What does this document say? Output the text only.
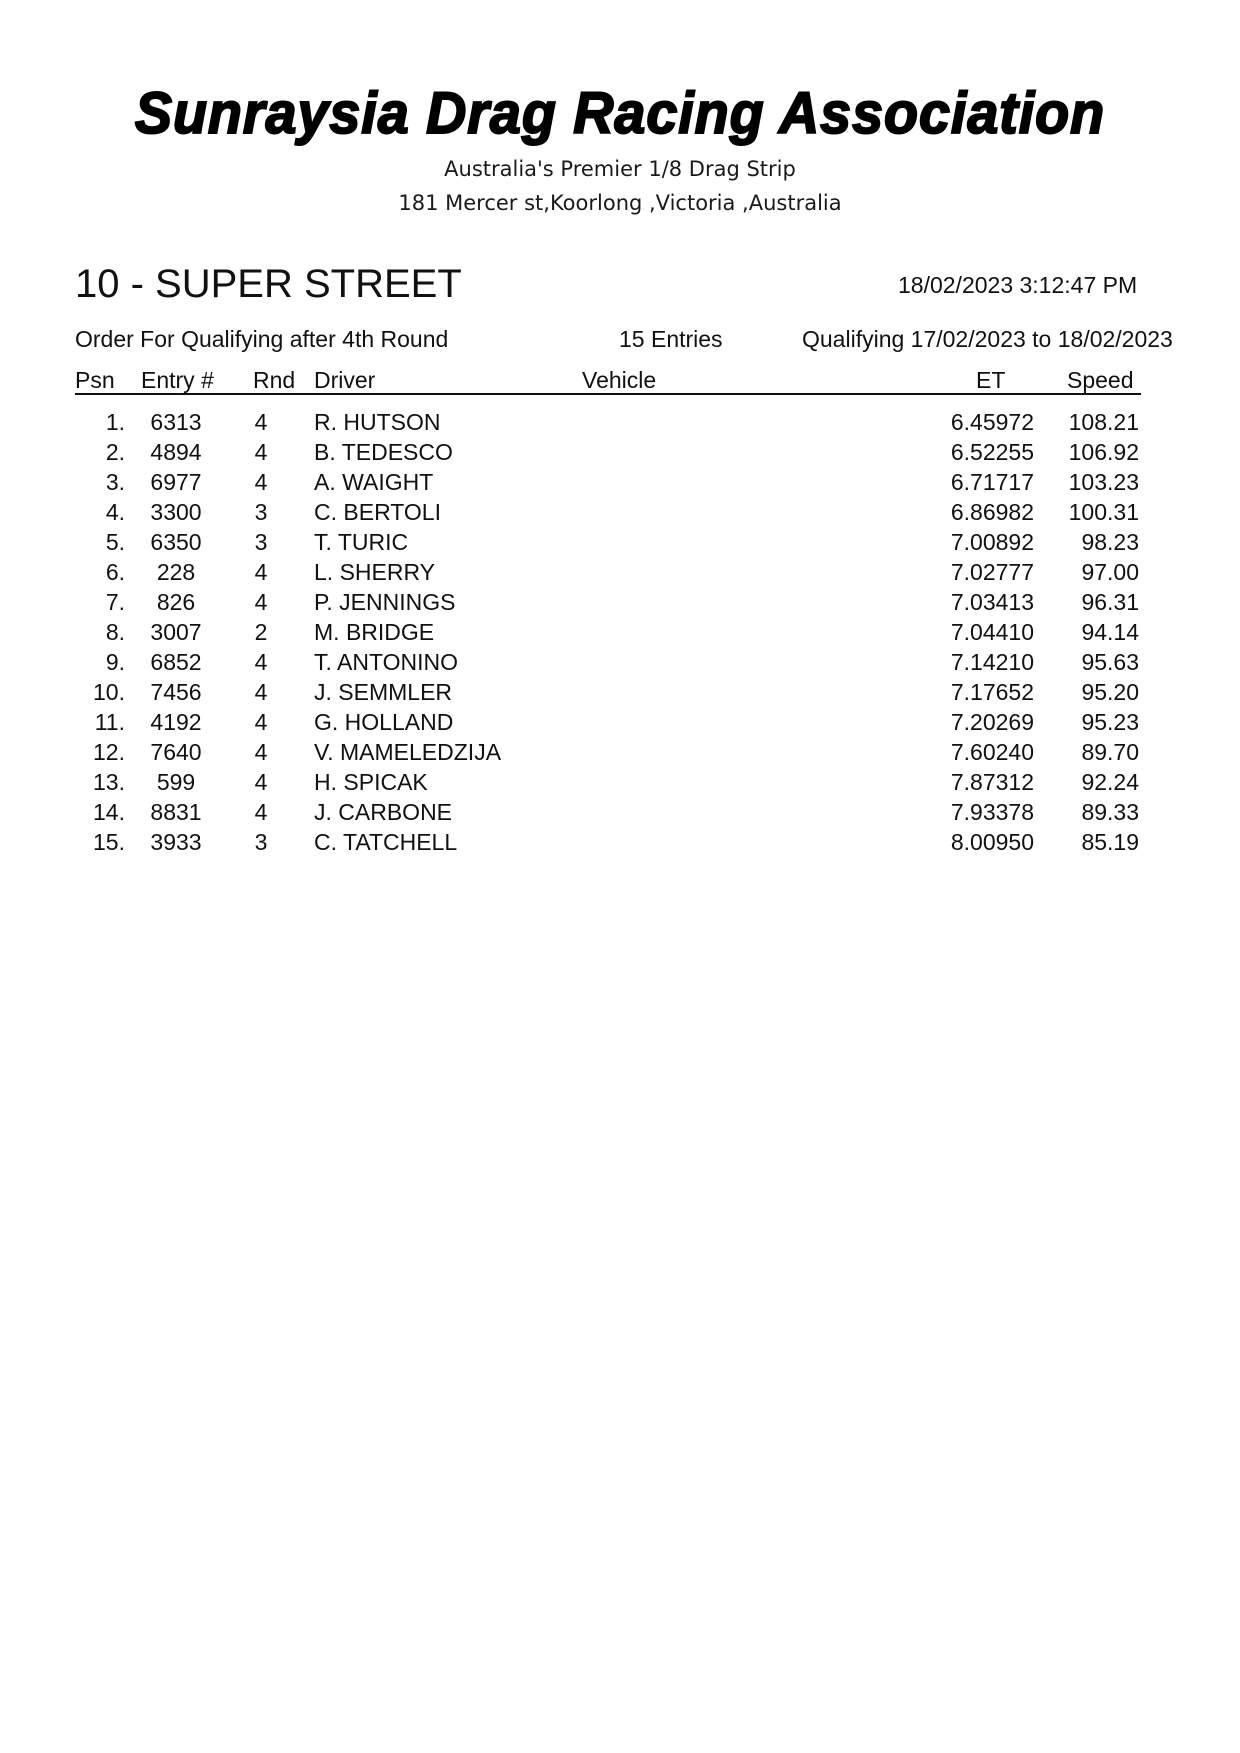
Sunraysia Drag Racing Association
Australia's Premier 1/8 Drag Strip
181 Mercer st,Koorlong ,Victoria ,Australia
10 - SUPER STREET	18/02/2023 3:12:47 PM
Order For Qualifying after 4th Round	15 Entries	Qualifying 17/02/2023 to 18/02/2023
Psn Entry # Rnd Driver	Vehicle	ET	Speed
1. 6313 4 R. HUTSON	6.45972 108.21
2. 4894 4 B. TEDESCO	6.52255 106.92
3. 6977 4 A. WAIGHT	6.71717 103.23
4. 3300 3 C. BERTOLI	6.86982 100.31
5. 6350 3 T. TURIC	7.00892 98.23
6. 228	4 L. SHERRY	7.02777 97.00
7. 826	4 P. JENNINGS	7.03413 96.31
8. 3007 2 M. BRIDGE	7.04410 94.14
9. 6852 4 T. ANTONINO	7.14210 95.63
10. 7456 4 J. SEMMLER	7.17652 95.20
11. 4192 4 G. HOLLAND	7.20269 95.23
12. 7640 4 V. MAMELEDZIJA	7.60240 89.70
13. 599	4 H. SPICAK	7.87312 92.24
14. 8831 4 J. CARBONE	7.93378 89.33
15. 3933 3 C. TATCHELL	8.00950 85.19
